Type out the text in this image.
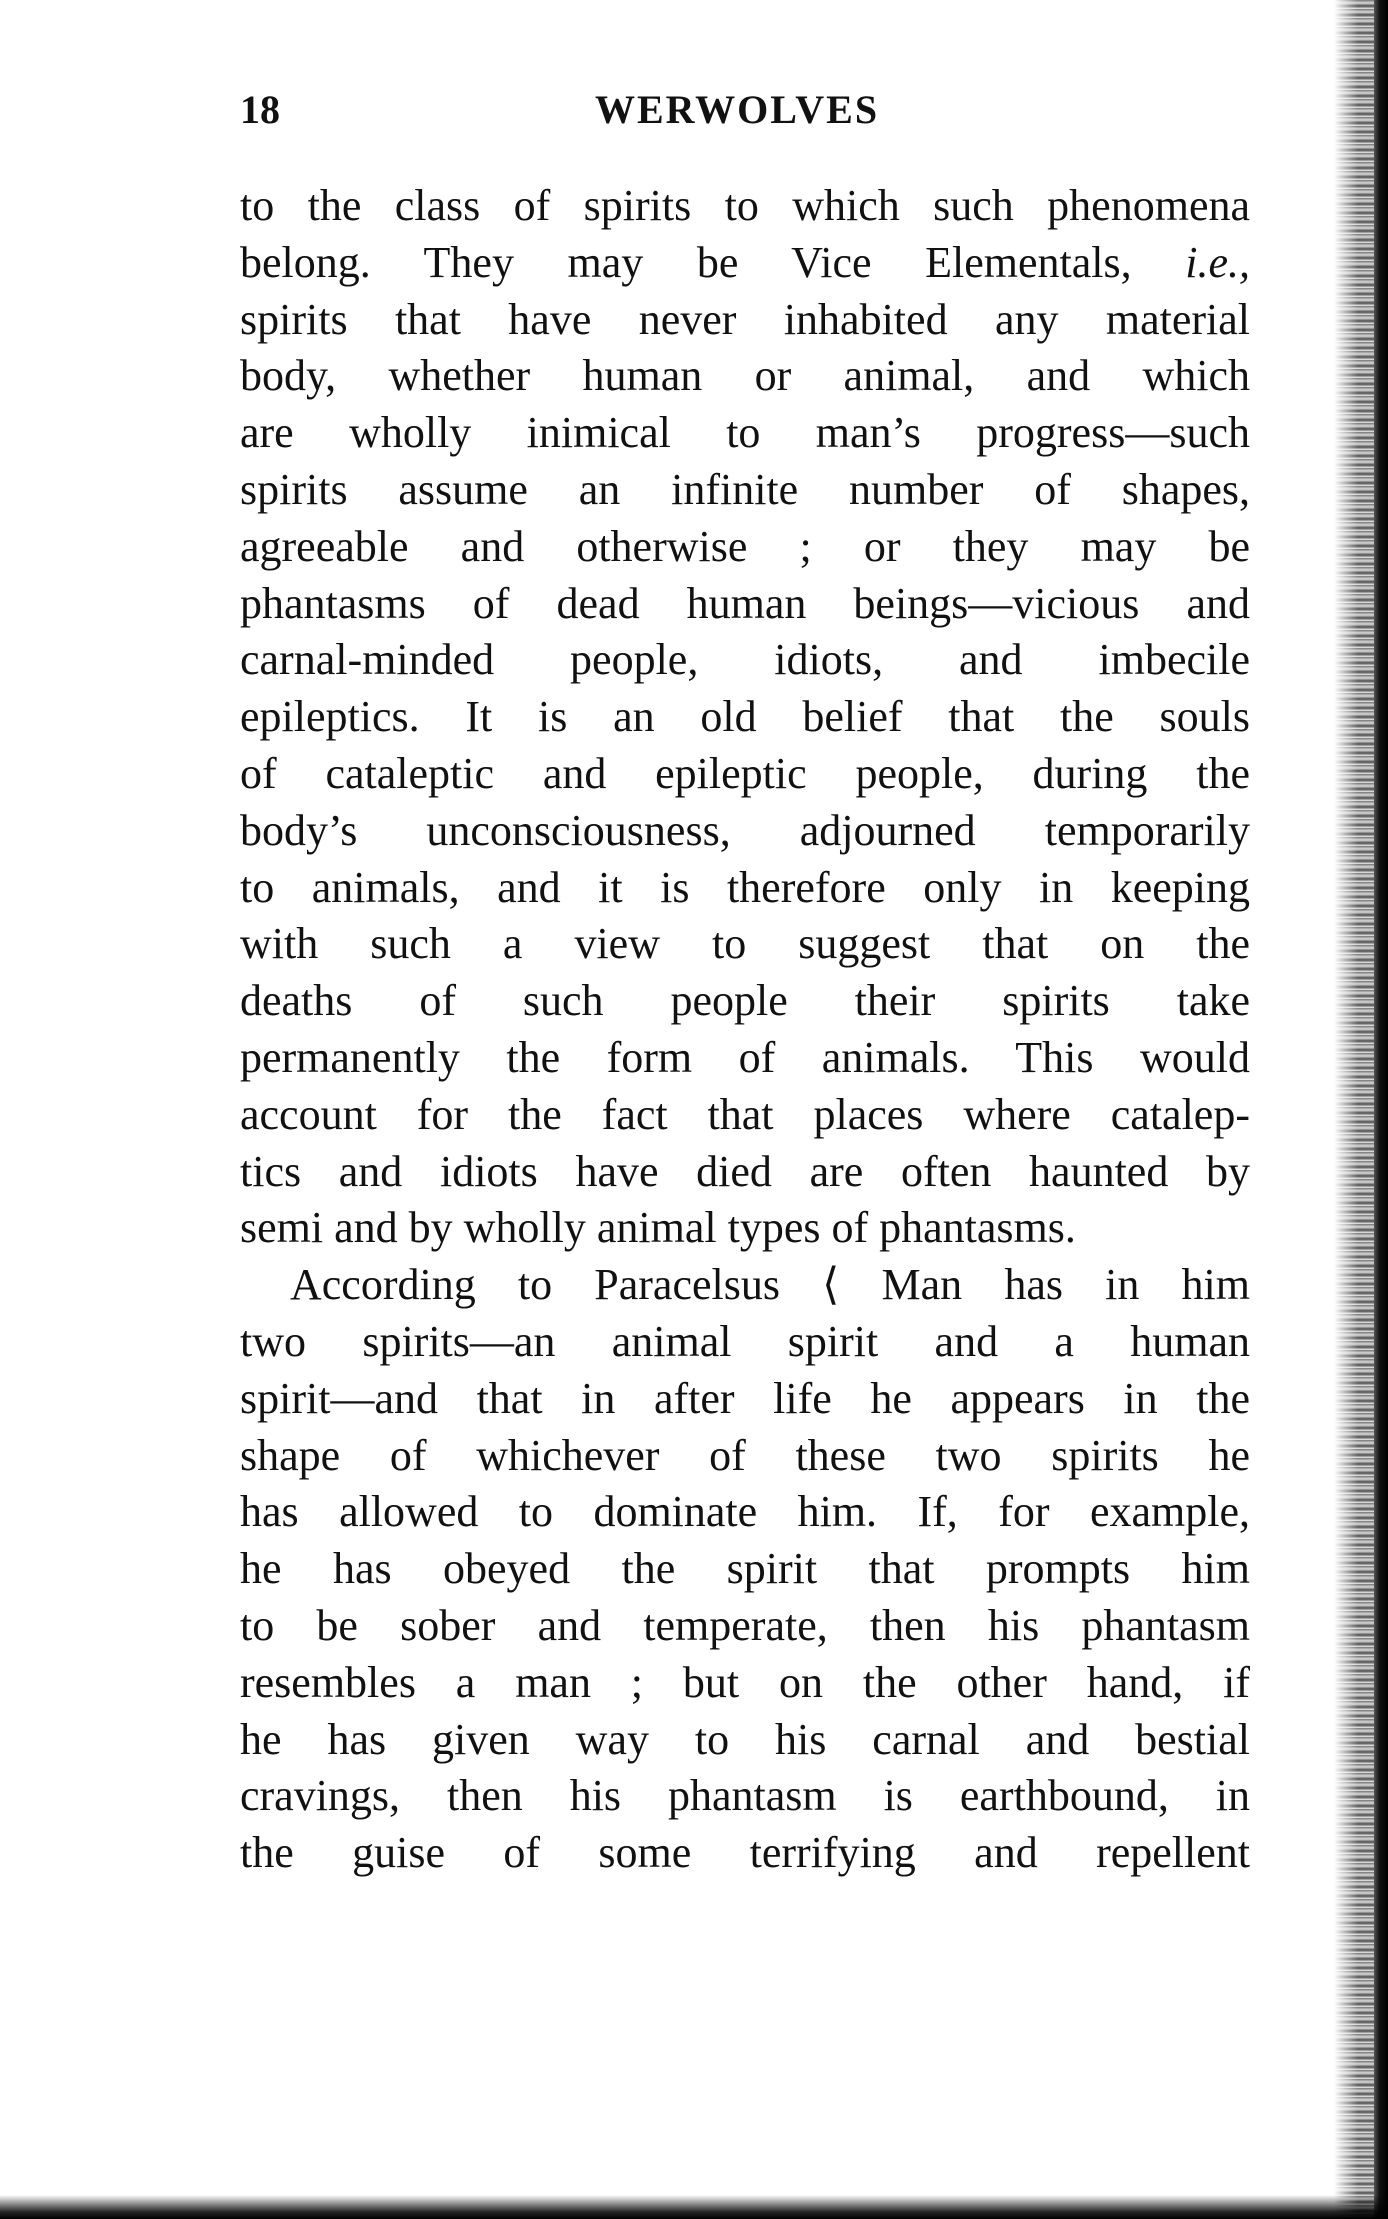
18	WERWOLVES
to the class of spirits to which such phenomena
belong. They may be Vice Elementals, i.e.,
spirits that have never inhabited any material
body, whether human or animal, and which
are wholly inimical to man’s progress—such
spirits assume an infinite number of shapes,
agreeable and otherwise ; or they may be
phantasms of dead human beings—vicious and
carnal-minded people, idiots, and imbecile
epileptics. It is an old belief that the souls
of cataleptic and epileptic people, during the
body’s unconsciousness, adjourned temporarily
to animals, and it is therefore only in keeping
with such a view to suggest that on the
deaths of such people their spirits take
permanently the form of animals. This would
account for the fact that places where catalep-
tics and idiots have died are often haunted by
semi and by wholly animal types of phantasms.
According to Paracelsus ⟨ Man has in him
two spirits—an animal spirit and a human
spirit—and that in after life he appears in the
shape of whichever of these two spirits he
has allowed to dominate him. If, for example,
he has obeyed the spirit that prompts him
to be sober and temperate, then his phantasm
resembles a man ; but on the other hand, if
he has given way to his carnal and bestial
cravings, then his phantasm is earthbound, in
the guise of some terrifying and repellent
